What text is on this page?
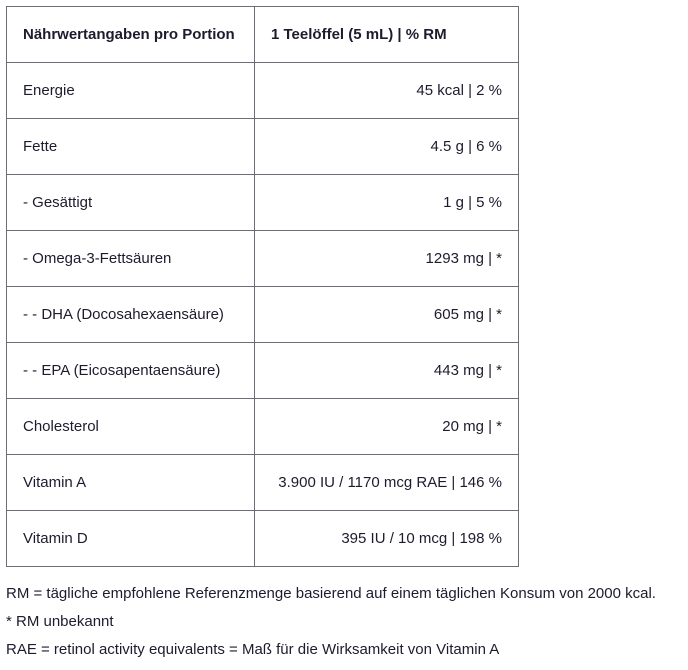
Nährwertangaben pro Portion	1 Teelöffel (5 mL) | % RM
Energie	45 kcal | 2 %
Fette	4.5 g | 6 %
- Gesättigt	1 g | 5 %
- Omega-3-Fettsäuren	1293 mg | *
- - DHA (Docosahexaensäure)	605 mg | *
- - EPA (Eicosapentaensäure)	443 mg | *
Cholesterol	20 mg | *
Vitamin A	3.900 IU / 1170 mcg RAE | 146 %
Vitamin D	395 IU / 10 mcg | 198 %

RM = tägliche empfohlene Referenzmenge basierend auf einem täglichen Konsum von 2000 kcal.

* RM unbekannt

RAE = retinol activity equivalents = Maß für die Wirksamkeit von Vitamin A
